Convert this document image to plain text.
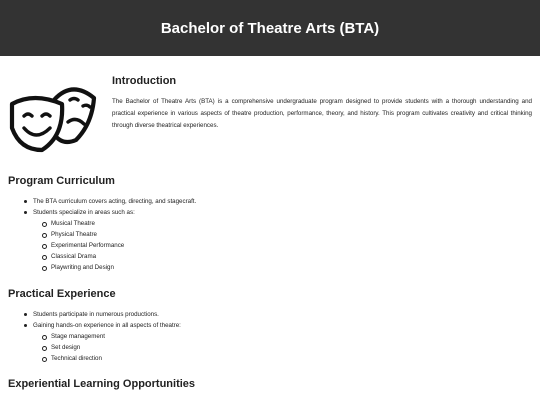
Bachelor of Theatre Arts (BTA)
Introduction

The Bachelor of Theatre Arts (BTA) is a comprehensive undergraduate program designed to provide students with a thorough understanding and practical experience in various aspects of theatre production, performance, theory, and history. This program cultivates creativity and critical thinking through diverse theatrical experiences.

Program Curriculum
The BTA curriculum covers acting, directing, and stagecraft.
Students specialize in areas such as:
Musical Theatre
Physical Theatre
Experimental Performance
Classical Drama
Playwriting and Design
Practical Experience
Students participate in numerous productions.
Gaining hands-on experience in all aspects of theatre:
Stage management
Set design
Technical direction
Experiential Learning Opportunities
